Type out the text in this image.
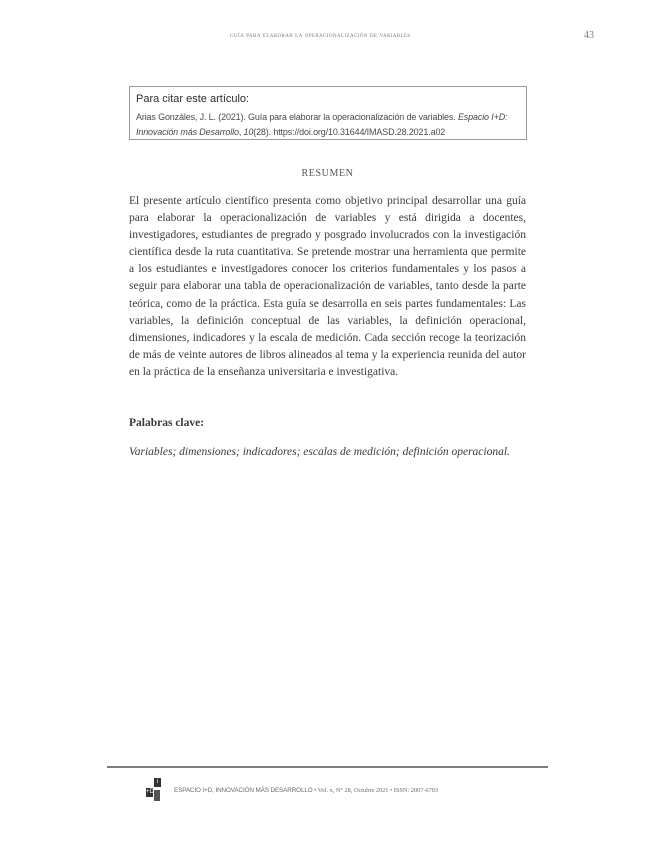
guía para elaborar la operacionalización de variables	43
Para citar este artículo:
Arias Gonzáles, J. L. (2021). Guía para elaborar la operacionalización de variables. Espacio I+D: Innovación más Desarrollo, 10(28). https://doi.org/10.31644/IMASD.28.2021.a02
RESUMEN

El presente artículo científico presenta como objetivo principal desarrollar una guía para elaborar la operacionalización de variables y está dirigida a docentes, investigadores, estudiantes de pregrado y posgrado involucrados con la investigación científica desde la ruta cuantitativa. Se pretende mostrar una herramienta que permite a los estudiantes e investigadores conocer los criterios fundamentales y los pasos a seguir para elaborar una tabla de operacionalización de variables, tanto desde la parte teórica, como de la práctica. Esta guía se desarrolla en seis partes fundamentales: Las variables, la definición conceptual de las variables, la definición operacional, dimensiones, indicadores y la escala de medición. Cada sección recoge la teorización de más de veinte autores de libros alineados al tema y la experiencia reunida del autor en la práctica de la enseñanza universitaria e investigativa.

Palabras clave:
Variables; dimensiones; indicadores; escalas de medición; definición operacional.
i
+D	ESPACIO I+D, INNOVACIÓN MÁS DESARROLLO • Vol. x, N° 28, Octubre 2021 • ISSN: 2007-6703
